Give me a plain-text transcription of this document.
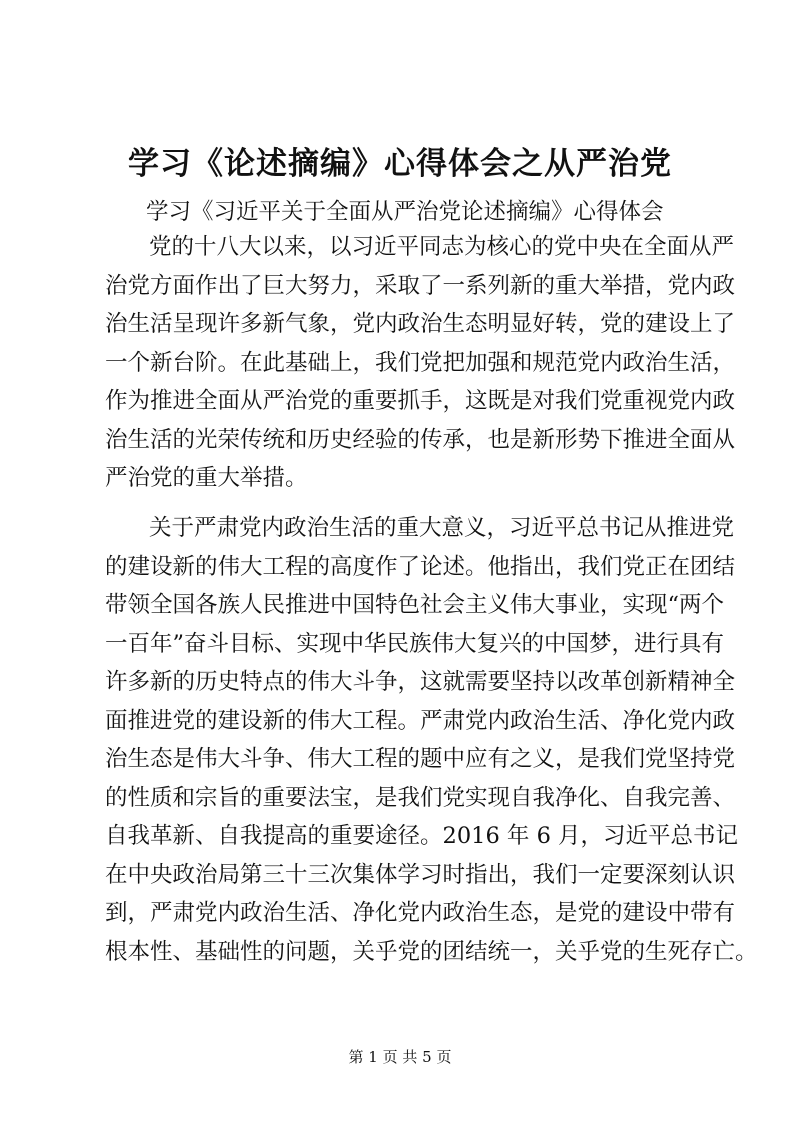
学习《论述摘编》心得体会之从严治党

学习《习近平关于全面从严治党论述摘编》心得体会

党的十八大以来，以习近平同志为核心的党中央在全面从严
治党方面作出了巨大努力，采取了一系列新的重大举措，党内政
治生活呈现许多新气象，党内政治生态明显好转，党的建设上了
一个新台阶。在此基础上，我们党把加强和规范党内政治生活，
作为推进全面从严治党的重要抓手，这既是对我们党重视党内政
治生活的光荣传统和历史经验的传承，也是新形势下推进全面从
严治党的重大举措。
关于严肃党内政治生活的重大意义，习近平总书记从推进党
的建设新的伟大工程的高度作了论述。他指出，我们党正在团结
带领全国各族人民推进中国特色社会主义伟大事业，实现“两个
一百年”奋斗目标、实现中华民族伟大复兴的中国梦，进行具有
许多新的历史特点的伟大斗争，这就需要坚持以改革创新精神全
面推进党的建设新的伟大工程。严肃党内政治生活、净化党内政
治生态是伟大斗争、伟大工程的题中应有之义，是我们党坚持党
的性质和宗旨的重要法宝，是我们党实现自我净化、自我完善、
自我革新、自我提高的重要途径。2016 年 6 月，习近平总书记
在中央政治局第三十三次集体学习时指出，我们一定要深刻认识
到，严肃党内政治生活、净化党内政治生态，是党的建设中带有
根本性、基础性的问题，关乎党的团结统一，关乎党的生死存亡。

第 1 页 共 5 页
